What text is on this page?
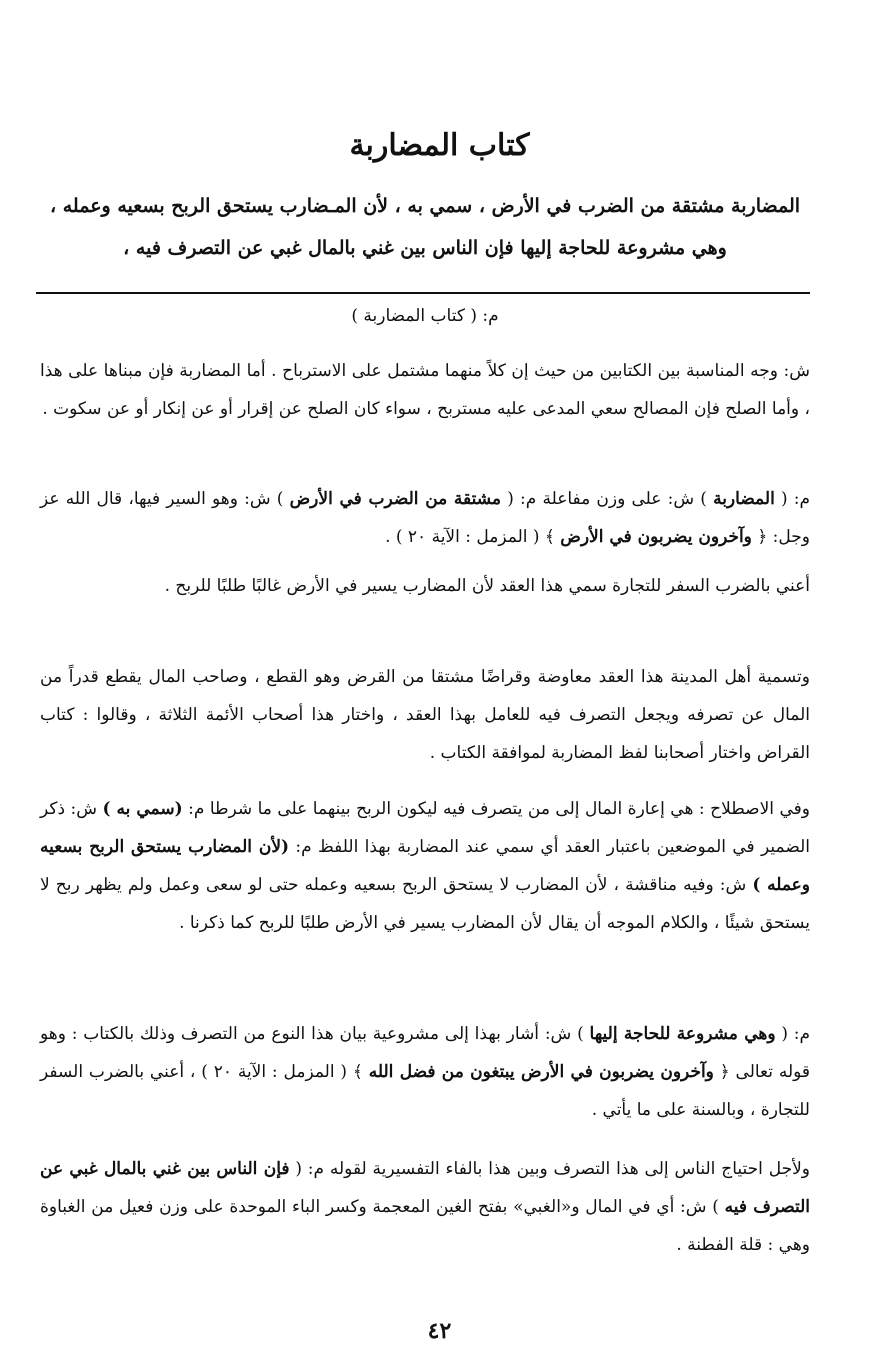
كتاب المضاربة
المضاربة مشتقة من الضرب في الأرض ، سمي به ، لأن المـضارب يستحق الربح بسعيه وعمله ،
وهي مشروعة للحاجة إليها فإن الناس بين غني بالمال غبي عن التصرف فيه ،
م: ( كتاب المضاربة )
ش: وجه المناسبة بين الكتابين من حيث إن كلاً منهما مشتمل على الاسترباح . أما المضاربة فإن مبناها على هذا ، وأما الصلح فإن المصالح سعي المدعى عليه مستربح ، سواء كان الصلح عن إقرار أو عن إنكار أو عن سكوت .
م: ( المضاربة ) ش: على وزن مفاعلة م: ( مشتقة من الضرب في الأرض ) ش: وهو السير فيها، قال الله عز وجل: ﴿ وآخرون يضربون في الأرض ﴾ ( المزمل : الآية ٢٠ ) .
أعني بالضرب السفر للتجارة سمي هذا العقد لأن المضارب يسير في الأرض غالبًا طلبًا للربح .
وتسمية أهل المدينة هذا العقد معاوضة وقراضًا مشتقا من القرض وهو القطع ، وصاحب المال يقطع قدراً من المال عن تصرفه ويجعل التصرف فيه للعامل بهذا العقد ، واختار هذا أصحاب الأئمة الثلاثة ، وقالوا : كتاب القراض واختار أصحابنا لفظ المضاربة لموافقة الكتاب .
وفي الاصطلاح : هي إعارة المال إلى من يتصرف فيه ليكون الربح بينهما على ما شرطا م: (سمي به ) ش: ذكر الضمير في الموضعين باعتبار العقد أي سمي عند المضاربة بهذا اللفظ م: (لأن المضارب يستحق الربح بسعيه وعمله ) ش: وفيه مناقشة ، لأن المضارب لا يستحق الربح بسعيه وعمله حتى لو سعى وعمل ولم يظهر ربح لا يستحق شيئًا ، والكلام الموجه أن يقال لأن المضارب يسير في الأرض طلبًا للربح كما ذكرنا .
م: ( وهي مشروعة للحاجة إليها ) ش: أشار بهذا إلى مشروعية بيان هذا النوع من التصرف وذلك بالكتاب : وهو قوله تعالى ﴿ وآخرون يضربون في الأرض يبتغون من فضل الله ﴾ ( المزمل : الآية ٢٠ ) ، أعني بالضرب السفر للتجارة ، وبالسنة على ما يأتي .
ولأجل احتياج الناس إلى هذا التصرف وبين هذا بالفاء التفسيرية لقوله م: ( فإن الناس بين غني بالمال غبي عن التصرف فيه ) ش: أي في المال و«الغبي» بفتح الغين المعجمة وكسر الباء الموحدة على وزن فعيل من الغباوة وهي : قلة الفطنة .
٤٢
